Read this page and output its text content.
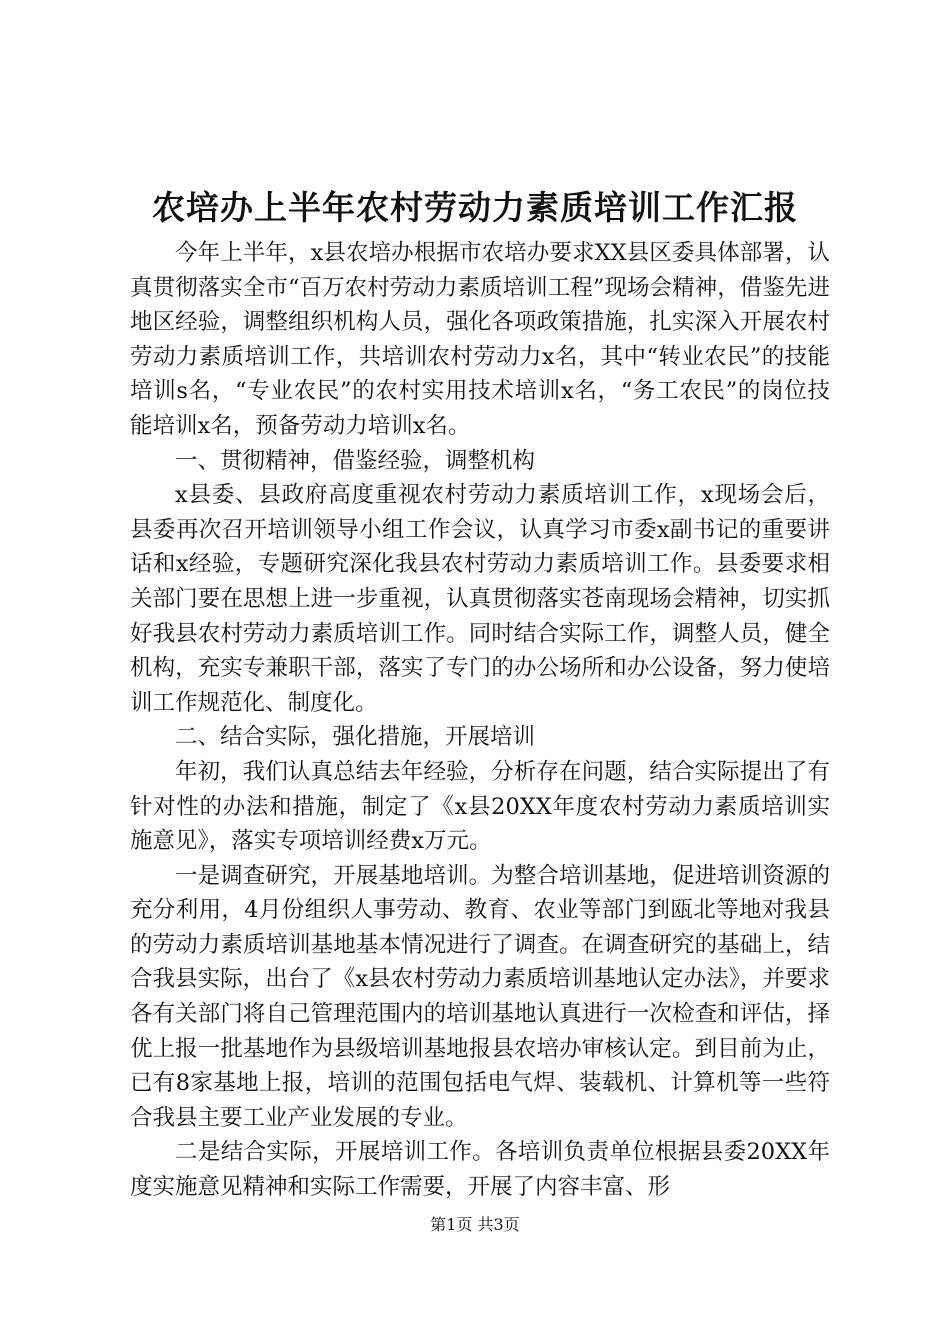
农培办上半年农村劳动力素质培训工作汇报

今年上半年，x县农培办根据市农培办要求XX县区委具体部署，认真贯彻落实全市“百万农村劳动力素质培训工程”现场会精神，借鉴先进地区经验，调整组织机构人员，强化各项政策措施，扎实深入开展农村劳动力素质培训工作，共培训农村劳动力x名，其中“转业农民”的技能培训s名，“专业农民”的农村实用技术培训x名，“务工农民”的岗位技能培训x名，预备劳动力培训x名。

一、贯彻精神，借鉴经验，调整机构

x县委、县政府高度重视农村劳动力素质培训工作，x现场会后，县委再次召开培训领导小组工作会议，认真学习市委x副书记的重要讲话和x经验，专题研究深化我县农村劳动力素质培训工作。县委要求相关部门要在思想上进一步重视，认真贯彻落实苍南现场会精神，切实抓好我县农村劳动力素质培训工作。同时结合实际工作，调整人员，健全机构，充实专兼职干部，落实了专门的办公场所和办公设备，努力使培训工作规范化、制度化。

二、结合实际，强化措施，开展培训

年初，我们认真总结去年经验，分析存在问题，结合实际提出了有针对性的办法和措施，制定了《x县20XX年度农村劳动力素质培训实施意见》，落实专项培训经费x万元。

一是调查研究，开展基地培训。为整合培训基地，促进培训资源的充分利用，4月份组织人事劳动、教育、农业等部门到瓯北等地对我县的劳动力素质培训基地基本情况进行了调查。在调查研究的基础上，结合我县实际，出台了《x县农村劳动力素质培训基地认定办法》，并要求各有关部门将自己管理范围内的培训基地认真进行一次检查和评估，择优上报一批基地作为县级培训基地报县农培办审核认定。到目前为止，已有8家基地上报，培训的范围包括电气焊、装载机、计算机等一些符合我县主要工业产业发展的专业。

二是结合实际，开展培训工作。各培训负责单位根据县委20XX年度实施意见精神和实际工作需要，开展了内容丰富、形

第1页 共3页
